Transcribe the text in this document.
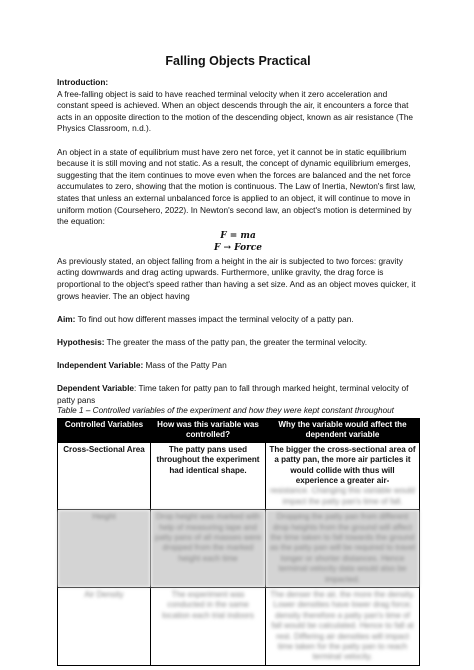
Falling Objects Practical

Introduction:

A free-falling object is said to have reached terminal velocity when it zero acceleration and constant speed is achieved. When an object descends through the air, it encounters a force that acts in an opposite direction to the motion of the descending object, known as air resistance (The Physics Classroom, n.d.).

An object in a state of equilibrium must have zero net force, yet it cannot be in static equilibrium because it is still moving and not static. As a result, the concept of dynamic equilibrium emerges, suggesting that the item continues to move even when the forces are balanced and the net force accumulates to zero, showing that the motion is continuous. The Law of Inertia, Newton's first law, states that unless an external unbalanced force is applied to an object, it will continue to move in uniform motion (Coursehero, 2022). In Newton's second law, an object's motion is determined by the equation:

F = ma
F → Force

As previously stated, an object falling from a height in the air is subjected to two forces: gravity acting downwards and drag acting upwards. Furthermore, unlike gravity, the drag force is proportional to the object's speed rather than having a set size. And as an object moves quicker, it grows heavier. The an object having

Aim: To find out how different masses impact the terminal velocity of a patty pan.

Hypothesis: The greater the mass of the patty pan, the greater the terminal velocity.

Independent Variable: Mass of the Patty Pan

Dependent Variable: Time taken for patty pan to fall through marked height, terminal velocity of patty pans

Table 1 – Controlled variables of the experiment and how they were kept constant throughout
Controlled Variables	How was this variable was controlled?	Why the variable would affect the dependent variable
Cross-Sectional Area	The patty pans used throughout the experiment had identical shape.	The bigger the cross-sectional area of a patty pan, the more air particles it would collide with thus will experience a greater air-
resistance. Changing this variable would impact the patty pan's time of fall.

Height	Drop height was marked with help of measuring tape and patty pans of all masses were dropped from the marked height each time	Dropping the patty pan from different drop heights from the ground will affect the time taken to fall towards the ground as the patty pan will be required to travel longer or shorter distances. Hence terminal velocity data would also be impacted.
Air Density	The experiment was conducted in the same location each trial indoors	The denser the air, the more the density. Lower densities have lower drag force; density therefore a patty pan's time of fall would be calculated. Hence to fall at rest. Differing air densities will impact time taken for the patty pan to reach terminal velocity.
